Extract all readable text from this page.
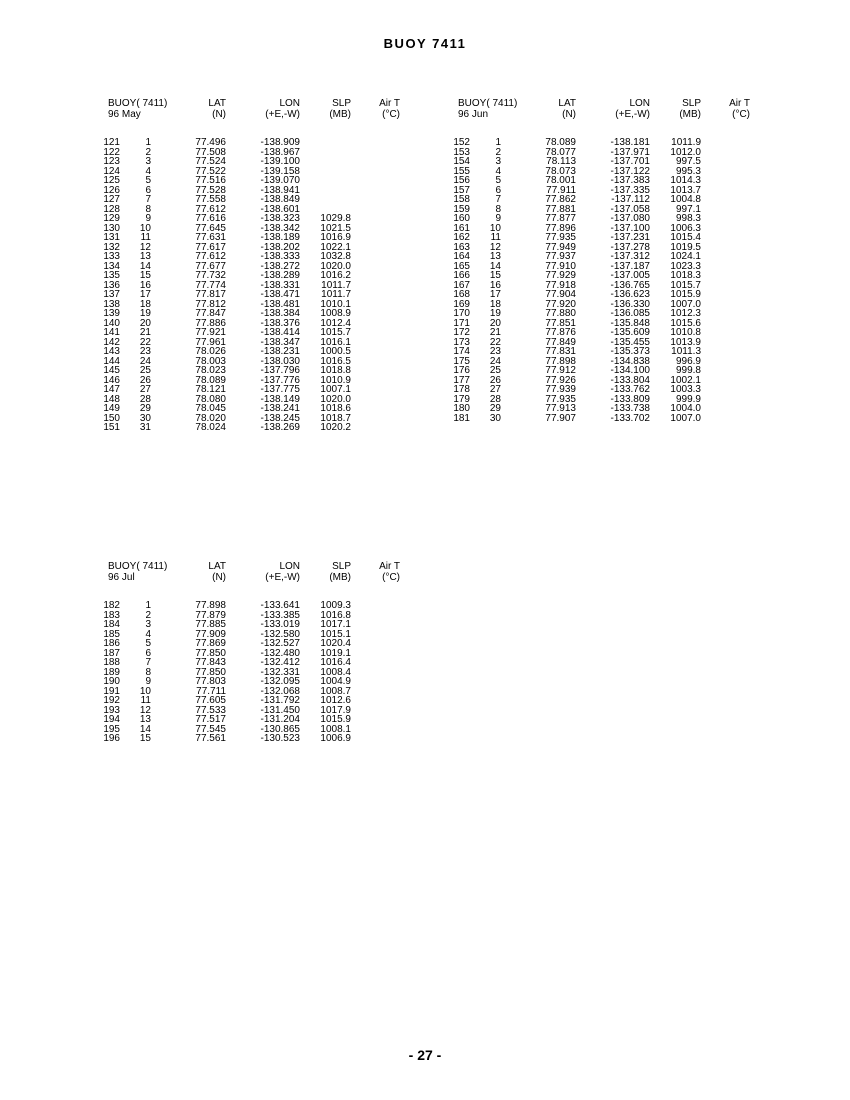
BUOY 7411
BUOY( 7411)	LAT	LON	SLP	Air T
96 May	(N)	(+E,-W)	(MB)	(°C)
121	1	77.496	-138.909
122	2	77.508	-138.967
123	3	77.524	-139.100
124	4	77.522	-139.158
125	5	77.516	-139.070
126	6	77.528	-138.941
127	7	77.558	-138.849
128	8	77.612	-138.601
129	9	77.616	-138.323	1029.8
130	10	77.645	-138.342	1021.5
131	11	77.631	-138.189	1016.9
132	12	77.617	-138.202	1022.1
133	13	77.612	-138.333	1032.8
134	14	77.677	-138.272	1020.0
135	15	77.732	-138.289	1016.2
136	16	77.774	-138.331	1011.7
137	17	77.817	-138.471	1011.7
138	18	77.812	-138.481	1010.1
139	19	77.847	-138.384	1008.9
140	20	77.886	-138.376	1012.4
141	21	77.921	-138.414	1015.7
142	22	77.961	-138.347	1016.1
143	23	78.026	-138.231	1000.5
144	24	78.003	-138.030	1016.5
145	25	78.023	-137.796	1018.8
146	26	78.089	-137.776	1010.9
147	27	78.121	-137.775	1007.1
148	28	78.080	-138.149	1020.0
149	29	78.045	-138.241	1018.6
150	30	78.020	-138.245	1018.7
151	31	78.024	-138.269	1020.2
BUOY( 7411)	LAT	LON	SLP	Air T
96 Jun	(N)	(+E,-W)	(MB)	(°C)
152	1	78.089	-138.181	1011.9
153	2	78.077	-137.971	1012.0
154	3	78.113	-137.701	997.5
155	4	78.073	-137.122	995.3
156	5	78.001	-137.383	1014.3
157	6	77.911	-137.335	1013.7
158	7	77.862	-137.112	1004.8
159	8	77.881	-137.058	997.1
160	9	77.877	-137.080	998.3
161	10	77.896	-137.100	1006.3
162	11	77.935	-137.231	1015.4
163	12	77.949	-137.278	1019.5
164	13	77.937	-137.312	1024.1
165	14	77.910	-137.187	1023.3
166	15	77.929	-137.005	1018.3
167	16	77.918	-136.765	1015.7
168	17	77.904	-136.623	1015.9
169	18	77.920	-136.330	1007.0
170	19	77.880	-136.085	1012.3
171	20	77.851	-135.848	1015.6
172	21	77.876	-135.609	1010.8
173	22	77.849	-135.455	1013.9
174	23	77.831	-135.373	1011.3
175	24	77.898	-134.838	996.9
176	25	77.912	-134.100	999.8
177	26	77.926	-133.804	1002.1
178	27	77.939	-133.762	1003.3
179	28	77.935	-133.809	999.9
180	29	77.913	-133.738	1004.0
181	30	77.907	-133.702	1007.0
BUOY( 7411)	LAT	LON	SLP	Air T
96 Jul	(N)	(+E,-W)	(MB)	(°C)
182	1	77.898	-133.641	1009.3
183	2	77.879	-133.385	1016.8
184	3	77.885	-133.019	1017.1
185	4	77.909	-132.580	1015.1
186	5	77.869	-132.527	1020.4
187	6	77.850	-132.480	1019.1
188	7	77.843	-132.412	1016.4
189	8	77.850	-132.331	1008.4
190	9	77.803	-132.095	1004.9
191	10	77.711	-132.068	1008.7
192	11	77.605	-131.792	1012.6
193	12	77.533	-131.450	1017.9
194	13	77.517	-131.204	1015.9
195	14	77.545	-130.865	1008.1
196	15	77.561	-130.523	1006.9
- 27 -
